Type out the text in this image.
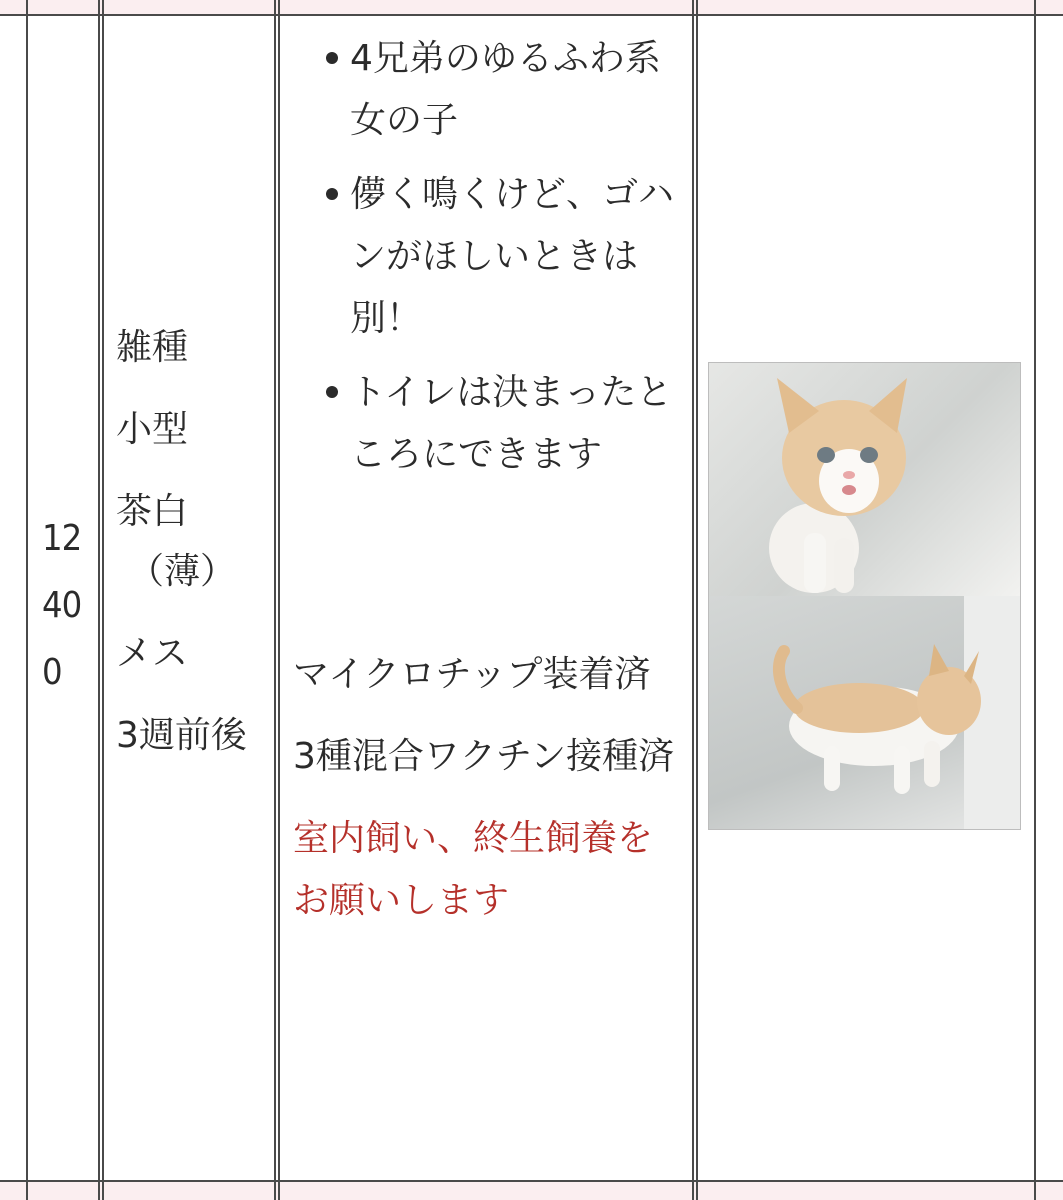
12400
雑種
小型
茶白
（薄）
メス
3週前後
4兄弟のゆるふわ系女の子
儚く鳴くけど、ゴハンがほしいときは別！
トイレは決まったところにできます

マイクロチップ装着済

3種混合ワクチン接種済

室内飼い、終生飼養をお願いします
